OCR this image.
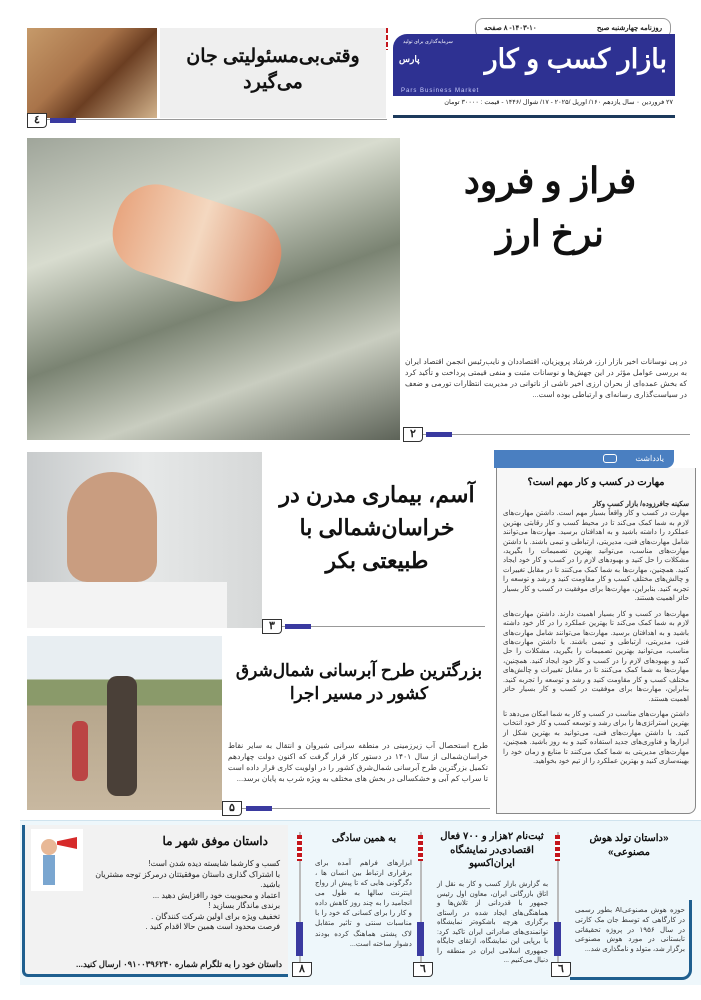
روزنامه چهارشنبه صبح
۱۴۰۳-۱۰- ۸ صفحه
سرمایه‌گذاری برای تولید
بازار کسب و کار
پارس
Pars Business Market
۲۷ فروردین ۰ سال یازدهم ۱۶۰/ اوریل /۲۰۲۵ - ۱۷/ شوال /۱۴۴۶ - قیمت : ۳۰۰۰۰ تومان
وقتی‌بی‌مسئولیتی جان می‌گیرد
٤
فراز و فرود
نرخ ارز
در پی نوسانات اخیر بازار ارز، فرشاد پرویزیان، اقتصاددان و نایب‌رئیس انجمن اقتصاد ایران به بررسی عوامل مؤثر در این جهش‌ها و نوسانات مثبت و منفی قیمتی پرداخت و تأکید کرد که بخش عمده‌ای از بحران ارزی اخیر ناشی از ناتوانی در مدیریت انتظارات تورمی و ضعف در سیاست‌گذاری رسانه‌ای و ارتباطی بوده است...
۲
آسم، بیماری مدرن در خراسان‌شمالی با طبیعتی بکر
۳
بزرگترین طرح آبرسانی شمال‌شرق کشور در مسیر اجرا
طرح استحصال آب زیرزمینی در منطقه سرانی شیروان و انتقال به سایر نقاط خراسان‌شمالی از سال ۱۴۰۱ در دستور کار قرار گرفت که اکنون دولت چهاردهم تکمیل بزرگترین طرح آبرسانی شمال‌شرق کشور را در اولویت کاری قرار داده است تا سراب کم آبی و خشکسالی در بخش های مختلف به ویژه شرب به پایان برسد...
۵
یادداشت
مهارت در کسب و کار مهم است؟
سکینه جافرزوده/ بازار کسب وکار

مهارت در کسب و کار واقعاً بسیار مهم است. داشتن مهارت‌های لازم به شما کمک می‌کند تا در محیط کسب و کار رقابتی بهترین عملکرد را داشته باشید و به اهدافتان برسید. مهارت‌ها می‌توانند شامل مهارت‌های فنی، مدیریتی، ارتباطی و تیمی باشند. با داشتن مهارت‌های مناسب، می‌توانید بهترین تصمیمات را بگیرید، مشکلات را حل کنید و بهبودهای لازم را در کسب و کار خود ایجاد کنید. همچنین، مهارت‌ها به شما کمک می‌کنند تا در مقابل تغییرات و چالش‌های مختلف کسب و کار مقاومت کنید و رشد و توسعه را تجربه کنید. بنابراین، مهارت‌ها برای موفقیت در کسب و کار بسیار حائز اهمیت هستند.

مهارت‌ها در کسب و کار بسیار اهمیت دارند. داشتن مهارت‌های لازم به شما کمک می‌کند تا بهترین عملکرد را در کار خود داشته باشید و به اهدافتان برسید. مهارت‌ها می‌توانند شامل مهارت‌های فنی، مدیریتی، ارتباطی و تیمی باشند. با داشتن مهارت‌های مناسب، می‌توانید بهترین تصمیمات را بگیرید، مشکلات را حل کنید و بهبودهای لازم را در کسب و کار خود ایجاد کنید. همچنین، مهارت‌ها به شما کمک می‌کنند تا در مقابل تغییرات و چالش‌های مختلف کسب و کار مقاومت کنید و رشد و توسعه را تجربه کنید. بنابراین، مهارت‌ها برای موفقیت در کسب و کار بسیار حائز اهمیت هستند.

داشتن مهارت‌های مناسب در کسب و کار به شما امکان می‌دهد تا بهترین استراتژی‌ها را برای رشد و توسعه کسب و کار خود انتخاب کنید. با داشتن مهارت‌های فنی، می‌توانید به بهترین شکل از ابزارها و فناوری‌های جدید استفاده کنید و به روز باشید. همچنین، مهارت‌های مدیریتی به شما کمک می‌کنند تا منابع و زمان خود را بهینه‌سازی کنید و بهترین عملکرد را از تیم خود بخواهید.

داستان موفق شهر ما
کسب و کارشما شایسته دیده شدن است!
با اشتراک گذاری داستان موفقیتتان درمرکز توجه مشتریان باشید.
اعتماد و محبوبیت خود راافزایش دهید ...
برندی ماندگار بسازید !
تخفیف ویژه برای اولین شرکت کنندگان .
فرصت محدود است همین حالا اقدام کنید .
داستان خود را به تلگرام شماره ۰۹۱۰۰۳۹۶۲۴۰ ارسال کنید...	۸
به همین سادگی
ابزارهای فراهم آمده برای برقراری ارتباط بین انسان ها ، دگرگونی هایی که تا پیش از رواج اینترنت سالها به طول می انجامید را به چند روز کاهش داده و کار را برای کسانی که خود را با مناسبات سنتی و تاثیر متقابل لاک پشتی هماهنگ کرده بودند دشوار ساخته است...
٦
ثبت‌نام ۲هزار و ۷۰۰ فعال اقتصادی‌در نمایشگاه ایران‌اکسپو
به گزارش بازار کسب و کار به نقل از اتاق بازرگانی ایران، معاون اول رئیس جمهور با قدردانی از تلاش‌ها و هماهنگی‌های ایجاد شده در راستای برگزاری هرچه باشکوه‌تر نمایشگاه توانمندی‌های صادراتی ایران تاکید کرد: با برپایی این نمایشگاه، ارتقای جایگاه جمهوری اسلامی ایران در منطقه را دنبال می‌کنیم ...
٦
«داستان تولد هوش مصنوعی»
حوزه هوش مصنوعیAI بطور رسمی در کارگاهی که توسط جان مک کارتی در سال ۱۹۵۶ در پروژه تحقیقاتی تابستانی در مورد هوش مصنوعی برگزار شد، متولد و نامگذاری شد...
